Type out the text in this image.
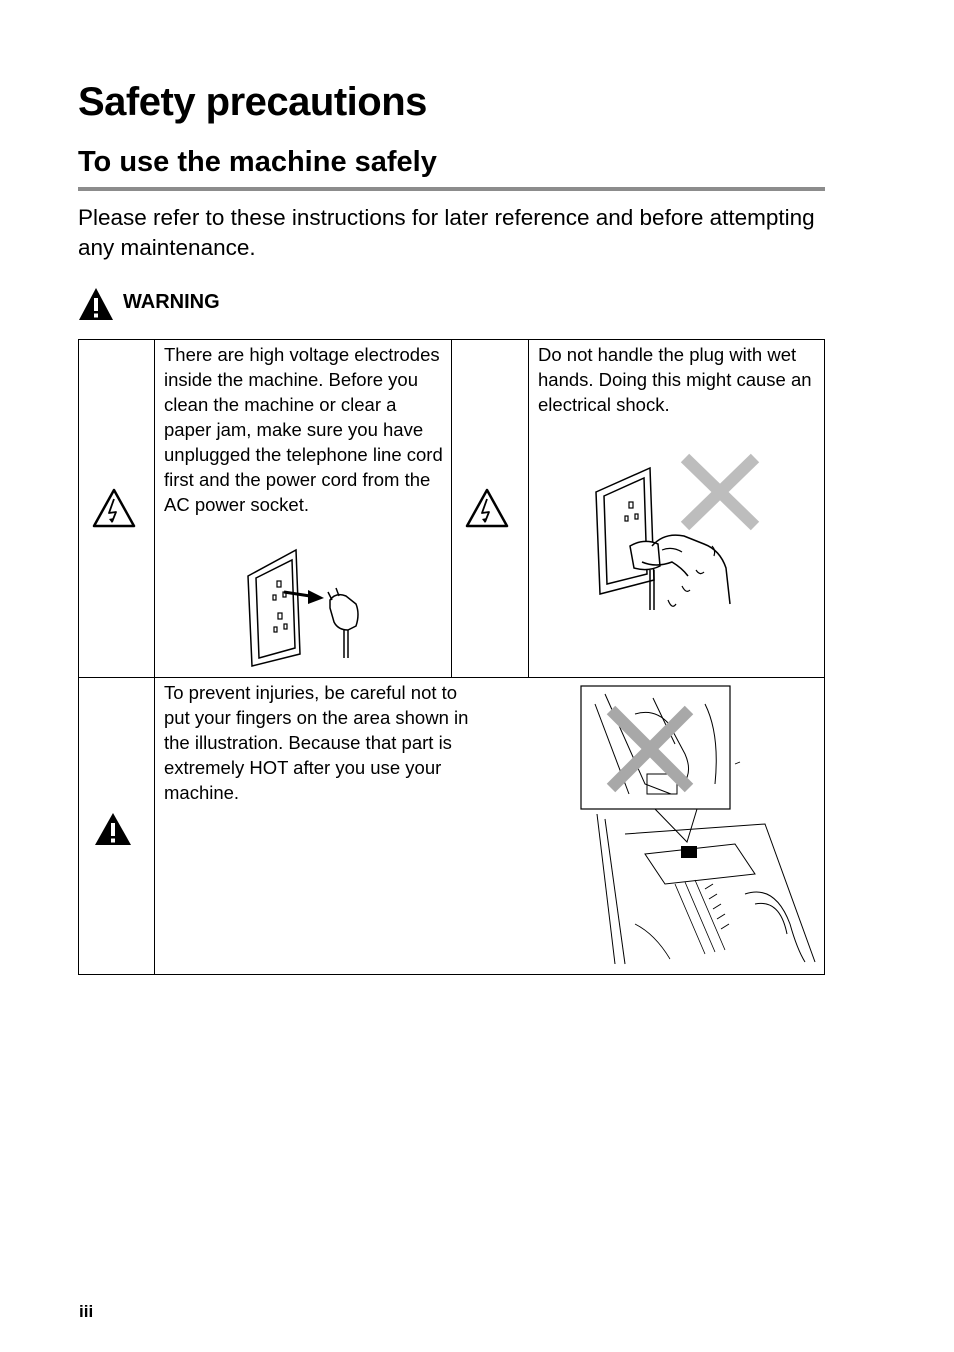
Safety precautions
To use the machine safely

Please refer to these instructions for later reference and before attempting any maintenance.

WARNING

There are high voltage electrodes inside the machine. Before you clean the machine or clear a paper jam, make sure you have unplugged the telephone line cord first and the power cord from the AC power socket.

Do not handle the plug with wet hands. Doing this might cause an electrical shock.

To prevent injuries, be careful not to put your fingers on the area shown in the illustration. Because that part is extremely HOT after you use your machine.

iii
